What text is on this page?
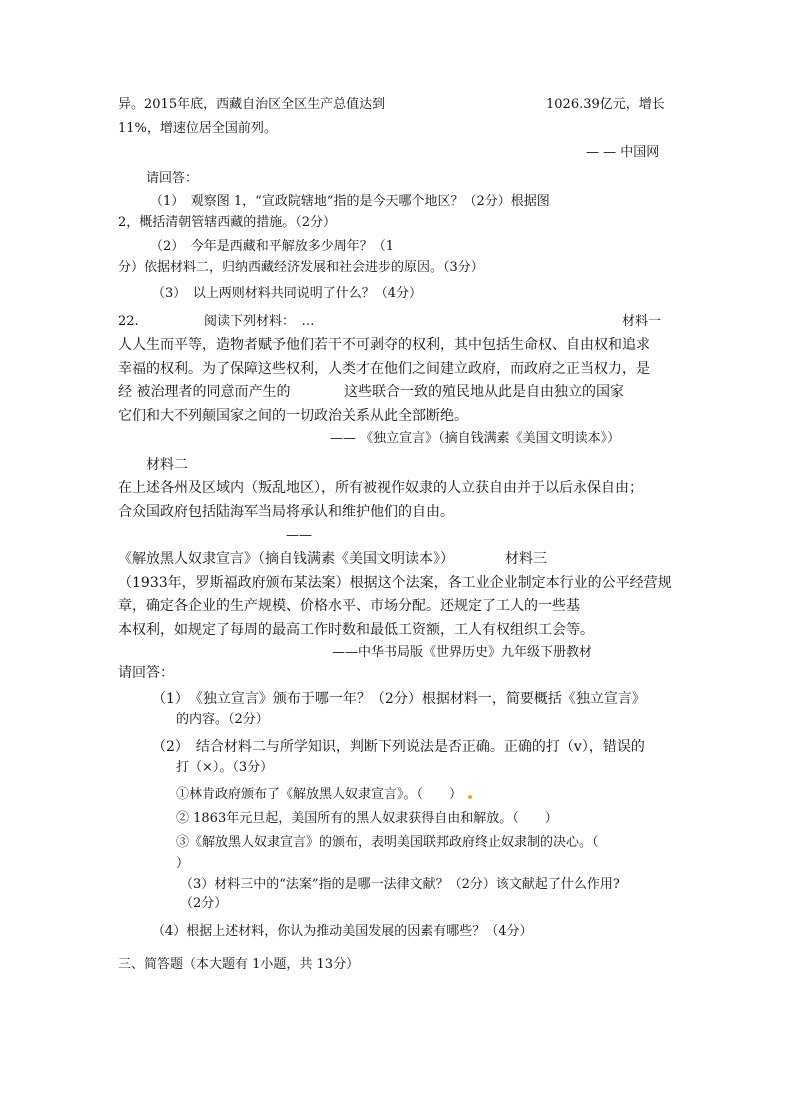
异。2015年底，西藏自治区全区生产总值达到	1026.39亿元，增长
11%，增速位居全国前列。
— — 中国网
请回答：
（1）　观察图 1，“宣政院辖地”指的是今天哪个地区？（2分）根据图
2，概括清朝管辖西藏的措施。（2分）
（2）　今年是西藏和平解放多少周年？（1
分）依据材料二，归纳西藏经济发展和社会进步的原因。（3分）
（3）　以上两则材料共同说明了什么？（4分）
22.	阅读下列材料：　…	材料一
人人生而平等，造物者赋予他们若干不可剥夺的权利，其中包括生命权、自由权和追求
幸福的权利。为了保障这些权利，人类才在他们之间建立政府，而政府之正当权力，是
经 被治理者的同意而产生的	这些联合一致的殖民地从此是自由独立的国家
它们和大不列颠国家之间的一切政治关系从此全部断绝。
—— 《独立宣言》（摘自钱满素《美国文明读本》）
材料二
在上述各州及区域内（叛乱地区），所有被视作奴隶的人立获自由并于以后永保自由；
合众国政府包括陆海军当局将承认和维护他们的自由。
——
《解放黑人奴隶宣言》（摘自钱满素《美国文明读本》）	材料三
（1933年，罗斯福政府颁布某法案）根据这个法案，各工业企业制定本行业的公平经营规
章，确定各企业的生产规模、价格水平、市场分配。还规定了工人的一些基
本权利，如规定了每周的最高工作时数和最低工资额，工人有权组织工会等。
——中华书局版《世界历史》九年级下册教材
请回答：
（1）　《独立宣言》颁布于哪一年？（2分）根据材料一，简要概括《独立宣言》
的内容。（2分）
（2）　结合材料二与所学知识，判断下列说法是否正确。正确的打（v），错误的
打（×）。（3分）
①林肯政府颁布了《解放黑人奴隶宣言》。（　　）
② 1863年元旦起，美国所有的黑人奴隶获得自由和解放。（　　）
③《解放黑人奴隶宣言》的颁布，表明美国联邦政府终止奴隶制的决心。（
）
（3）材料三中的“法案”指的是哪一法律文献？（2分）该文献起了什么作用?
（2分）
（4）根据上述材料，你认为推动美国发展的因素有哪些？（4分）
三、简答题（本大题有 1小题，共 13分）
